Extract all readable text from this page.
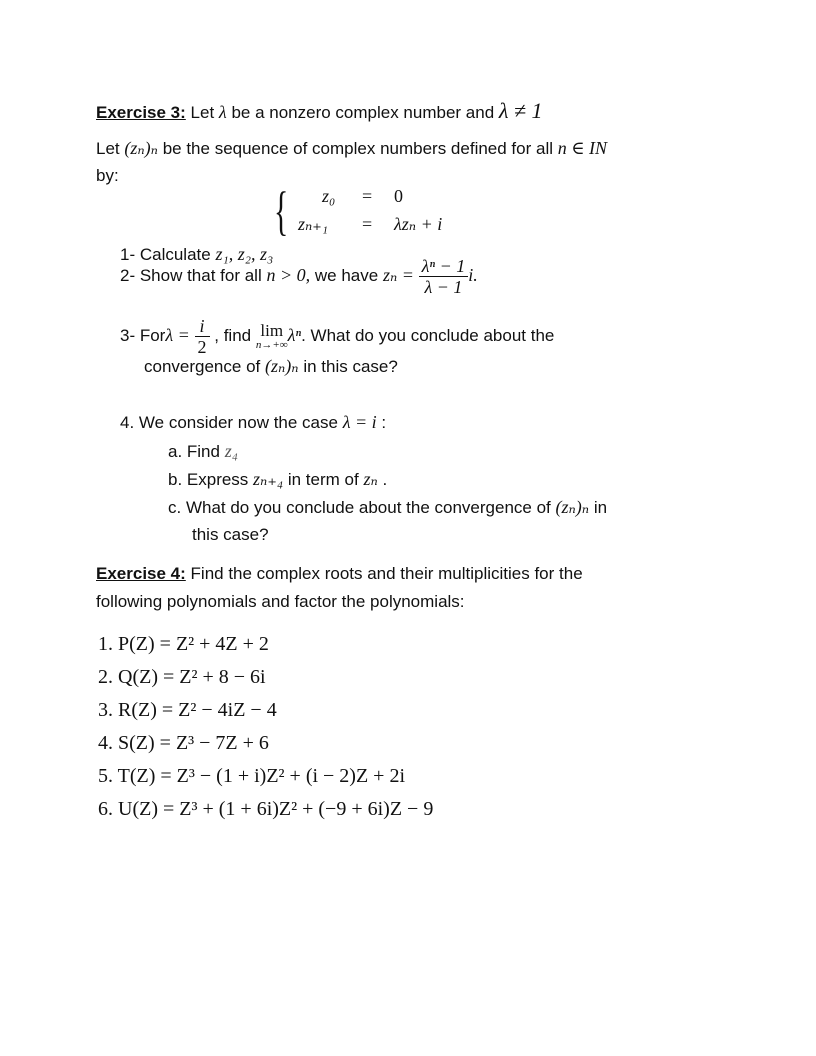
Exercise 3: Let λ be a nonzero complex number and λ ≠ 1
Let (zₙ)ₙ be the sequence of complex numbers defined for all n ∈ IN
by:
{ z₀ = 0
zₙ₊₁ = λzₙ + i
1- Calculate z₁, z₂, z₃
2- Show that for all n > 0, we have $z_n = \frac{\text{λⁿ − 1}}{\lambda - 1} i$.
3- $For\lambda = \frac{i}{2}$ , find lim
n→+∞ λⁿ. What do you conclude about the
convergence of (zₙ)ₙ in this case?
4. We consider now the case λ = i :
a. Find z₄
b. Express zₙ₊₄ in term of zₙ .
c. What do you conclude about the convergence of (zₙ)ₙ in
this case?
Exercise 4: Find the complex roots and their multiplicities for the
following polynomials and factor the polynomials:
1. P(Z) = Z² + 4Z + 2
2. Q(Z) = Z² + 8 − 6i
3. R(Z) = Z² − 4iZ − 4
4. S(Z) = Z³ − 7Z + 6
5. T(Z) = Z³ − (1 + i)Z² + (i − 2)Z + 2i
6. U(Z) = Z³ + (1 + 6i)Z² + (−9 + 6i)Z − 9
